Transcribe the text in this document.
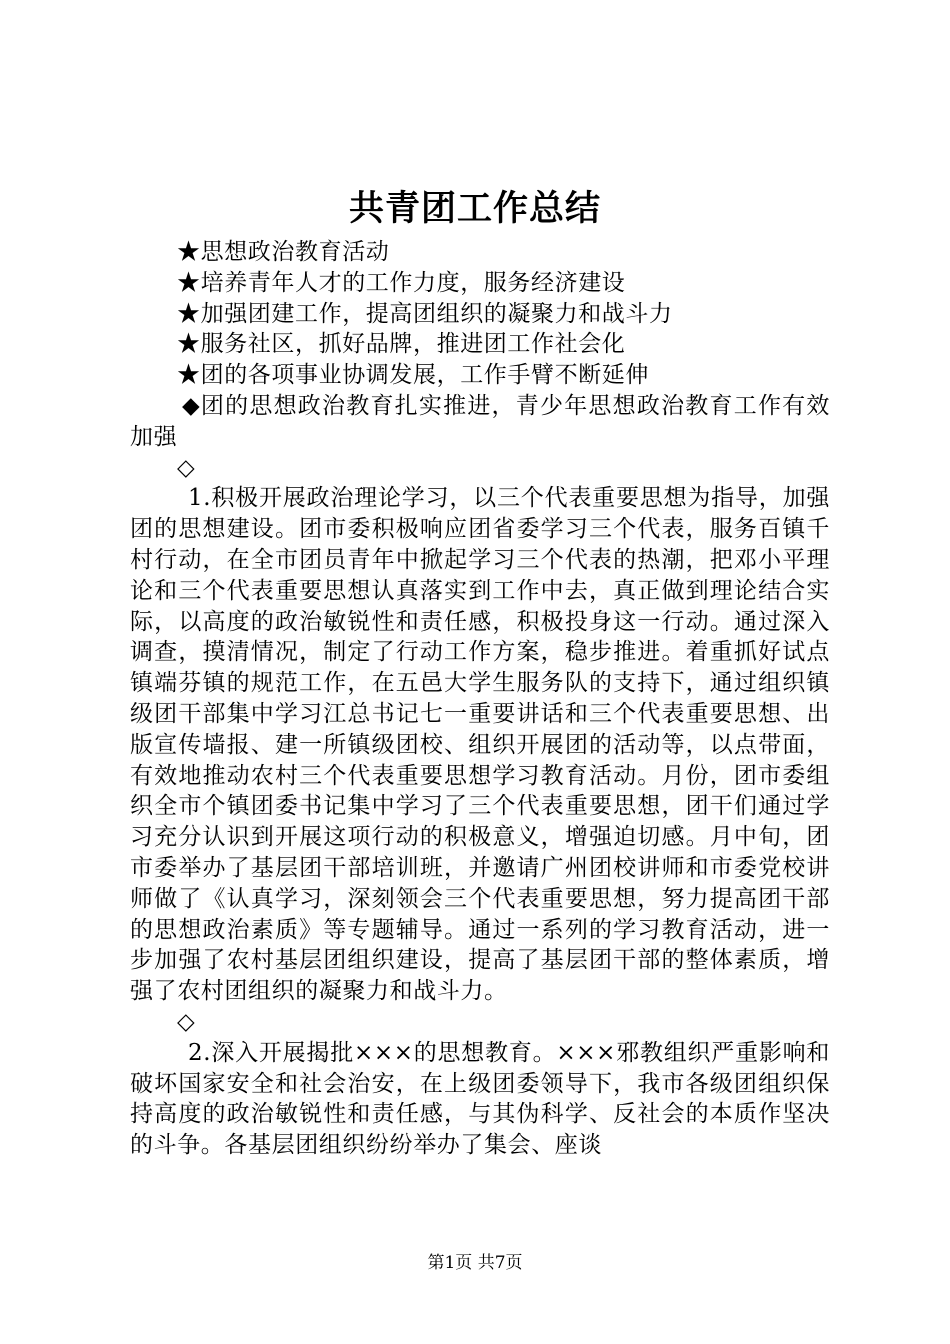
共青团工作总结
★思想政治教育活动
★培养青年人才的工作力度，服务经济建设
★加强团建工作，提高团组织的凝聚力和战斗力
★服务社区，抓好品牌，推进团工作社会化
★团的各项事业协调发展，工作手臂不断延伸
◆团的思想政治教育扎实推进，青少年思想政治教育工作有效加强
◇
1.积极开展政治理论学习，以三个代表重要思想为指导，加强团的思想建设。团市委积极响应团省委学习三个代表，服务百镇千村行动，在全市团员青年中掀起学习三个代表的热潮，把邓小平理论和三个代表重要思想认真落实到工作中去，真正做到理论结合实际，以高度的政治敏锐性和责任感，积极投身这一行动。通过深入调查，摸清情况，制定了行动工作方案，稳步推进。着重抓好试点镇端芬镇的规范工作，在五邑大学生服务队的支持下，通过组织镇级团干部集中学习江总书记七一重要讲话和三个代表重要思想、出版宣传墙报、建一所镇级团校、组织开展团的活动等，以点带面，有效地推动农村三个代表重要思想学习教育活动。月份，团市委组织全市个镇团委书记集中学习了三个代表重要思想，团干们通过学习充分认识到开展这项行动的积极意义，增强迫切感。月中旬，团市委举办了基层团干部培训班，并邀请广州团校讲师和市委党校讲师做了《认真学习，深刻领会三个代表重要思想，努力提高团干部的思想政治素质》等专题辅导。通过一系列的学习教育活动，进一步加强了农村基层团组织建设，提高了基层团干部的整体素质，增强了农村团组织的凝聚力和战斗力。
◇
2.深入开展揭批×××的思想教育。×××邪教组织严重影响和破坏国家安全和社会治安，在上级团委领导下，我市各级团组织保持高度的政治敏锐性和责任感，与其伪科学、反社会的本质作坚决的斗争。各基层团组织纷纷举办了集会、座谈
第1页 共7页
